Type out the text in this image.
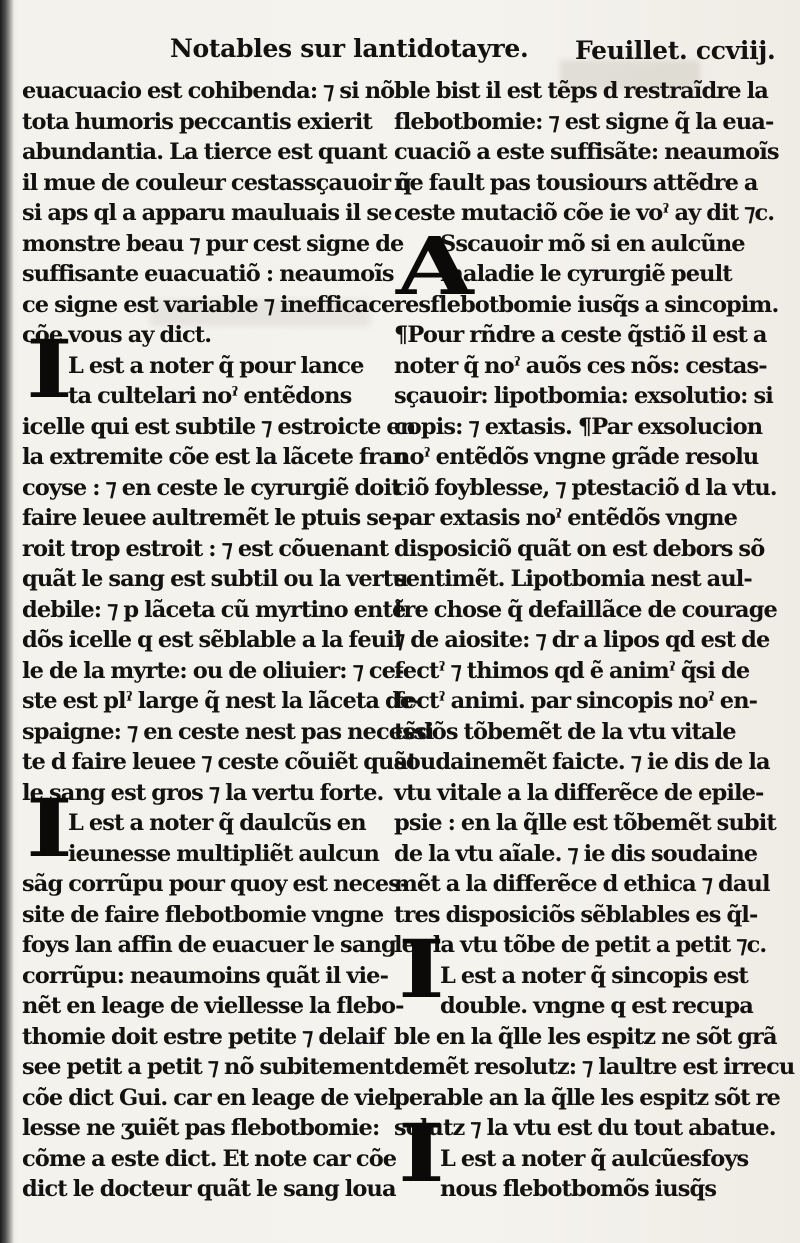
Notables sur lantidotayre. Feuillet. ccviij.
I
I
euacuacio est cohibenda: ⁊ si nõ
tota humoris peccantis exierit
abundantia. La tierce est quant
il mue de couleur cestassçauoir q̃
si aps ql a apparu mauluais il se
monstre beau ⁊ pur cest signe de
suffisante euacuatiõ : neaumoĩs
ce signe est variable ⁊ inefficace
cõe vous ay dict.
L est a noter q̃ pour lance
ta cultelari noˀ entẽdons
icelle qui est subtile ⁊ estroicte en
la extremite cõe est la lãcete fran
coyse : ⁊ en ceste le cyrurgiẽ doit
faire leuee aultremẽt le ptuis se-
roit trop estroit : ⁊ est cõuenant
quãt le sang est subtil ou la vertu
debile: ⁊ p lãceta cũ myrtino entẽ
dõs icelle q est sẽblable a la feuil
le de la myrte: ou de oliuier: ⁊ ce-
ste est plˀ large q̃ nest la lãceta de-
spaigne: ⁊ en ceste nest pas necessi
te d faire leuee ⁊ ceste cõuiẽt quãt
le sang est gros ⁊ la vertu forte.
L est a noter q̃ daulcũs en
ieunesse multipliẽt aulcun
sãg corrũpu pour quoy est neces-
site de faire flebotbomie vngne
foys lan affin de euacuer le sang
corrũpu: neaumoins quãt il vie-
nẽt en leage de viellesse la flebo-
thomie doit estre petite ⁊ delaif
see petit a petit ⁊ nõ subitement
cõe dict Gui. car en leage de viel
lesse ne ʒuiẽt pas flebotbomie:
cõme a este dict. Et note car cõe
dict le docteur quãt le sang loua
A
I
I
ble bist il est tẽps d restraĩdre la
flebotbomie: ⁊ est signe q̃ la eua-
cuaciõ a este suffisãte: neaumoĩs
ne fault pas tousiours attẽdre a
ceste mutaciõ cõe ie voˀ ay dit ⁊c.
Sscauoir mõ si en aulcũne
maladie le cyrurgiẽ peult
resflebotbomie iusq̃s a sincopim.
¶Pour rñdre a ceste q̃stiõ il est a
noter q̃ noˀ auõs ces nõs: cestas-
sçauoir: lipotbomia: exsolutio: si
copis: ⁊ extasis. ¶Par exsolucion
noˀ entẽdõs vngne grãde resolu
ciõ foyblesse, ⁊ ptestaciõ d la vtu.
par extasis noˀ entẽdõs vngne
disposiciõ quãt on est debors sõ
sentimẽt. Lipotbomia nest aul-
tre chose q̃ defaillãce de courage
⁊ de aiosite: ⁊ dr a lipos qd est de
fectˀ ⁊ thimos qd ẽ animˀ q̃si de
fectˀ animi. par sincopis noˀ en-
tẽdõs tõbemẽt de la vtu vitale
soudainemẽt faicte. ⁊ ie dis de la
vtu vitale a la differẽce de epile-
psie : en la q̃lle est tõbemẽt subit
de la vtu aĩale. ⁊ ie dis soudaine
mẽt a la differẽce d ethica ⁊ daul
tres disposiciõs sẽblables es q̃l-
les la vtu tõbe de petit a petit ⁊c.
L est a noter q̃ sincopis est
double. vngne q est recupa
ble en la q̃lle les espitz ne sõt grã
demẽt resolutz: ⁊ laultre est irrecu
perable an la q̃lle les espitz sõt re
solutz ⁊ la vtu est du tout abatue.
L est a noter q̃ aulcũesfoys
nous flebotbomõs iusq̃s
